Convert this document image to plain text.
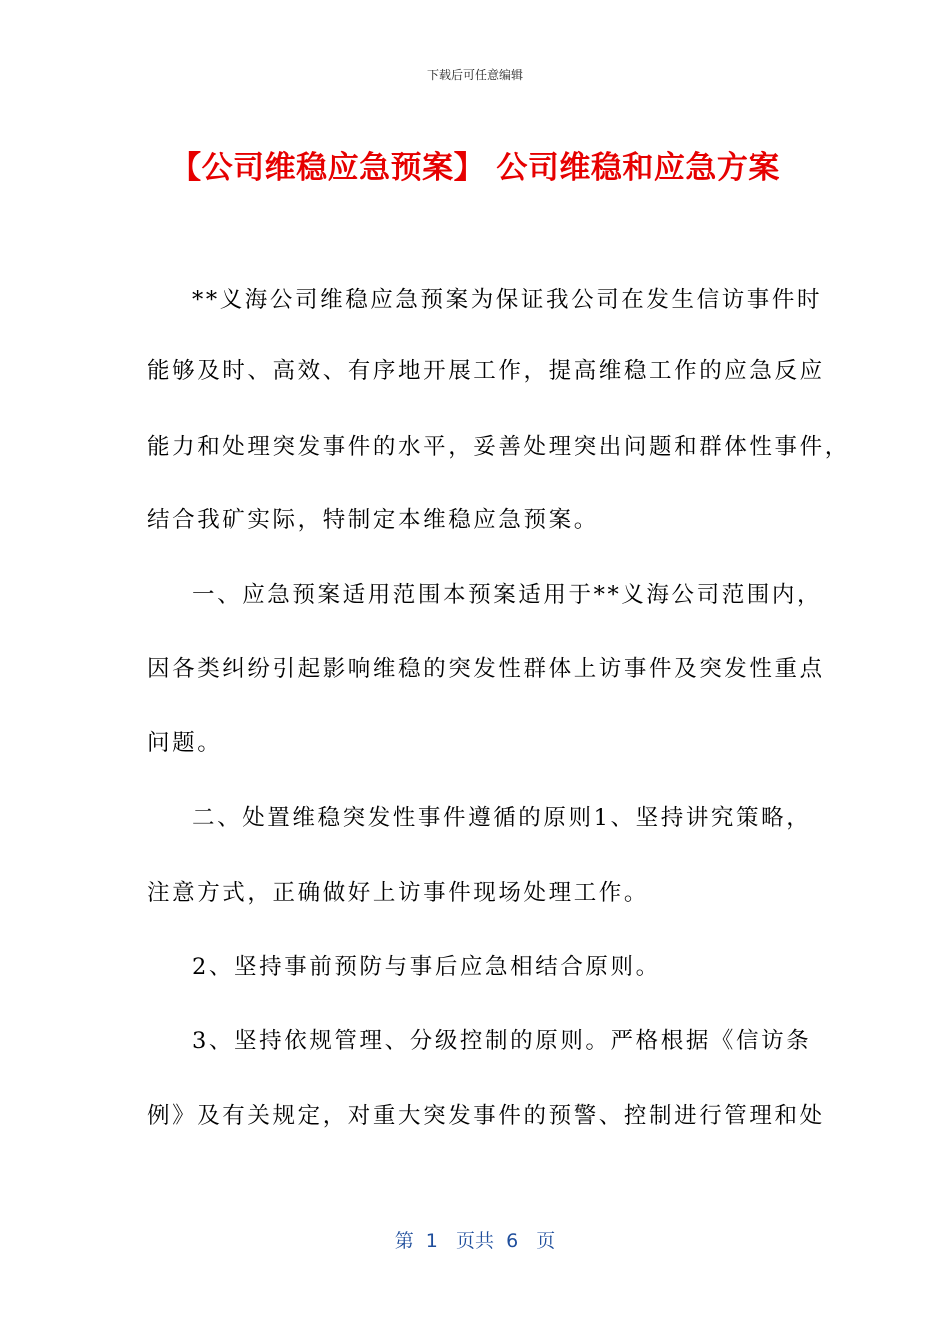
下载后可任意编辑
【公司维稳应急预案】 公司维稳和应急方案
**义海公司维稳应急预案为保证我公司在发生信访事件时
能够及时、高效、有序地开展工作，提高维稳工作的应急反应
能力和处理突发事件的水平，妥善处理突出问题和群体性事件，
结合我矿实际，特制定本维稳应急预案。
一、应急预案适用范围本预案适用于**义海公司范围内，
因各类纠纷引起影响维稳的突发性群体上访事件及突发性重点
问题。
二、处置维稳突发性事件遵循的原则1、坚持讲究策略，
注意方式，正确做好上访事件现场处理工作。
2、坚持事前预防与事后应急相结合原则。
3、坚持依规管理、分级控制的原则。严格根据《信访条
例》及有关规定，对重大突发事件的预警、控制进行管理和处
第  1   页共  6   页
